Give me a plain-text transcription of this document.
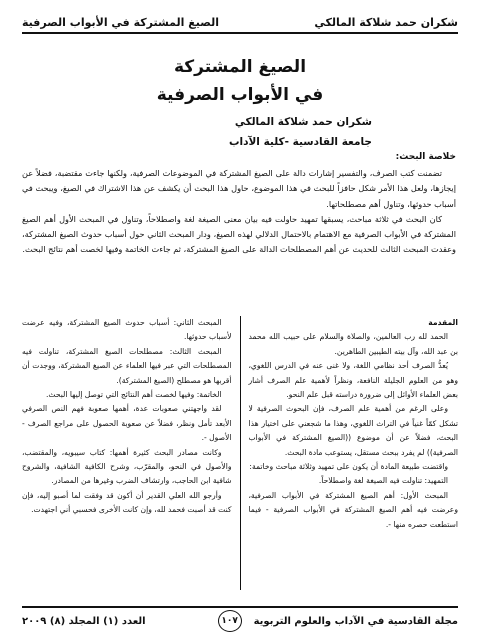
شكران حمد شلاكة المالكي
الصيغ المشتركة في الأبواب الصرفية
الصيغ المشتركة
في الأبواب الصرفية
شكران حمد شلاكة المالكي
جامعة القادسية -كلية الآداب
خلاصة البحث:

تضمنت كتب الصرف، والتفسير إشارات دالة على الصيغ المشتركة في الموضوعات الصرفية، ولكنها جاءت مقتضبة، فضلاً عن إيجازها، ولعل هذا الأمر شكل حافزاً للبحث في هذا الموضوع، حاول هذا البحث أن يكشف عن هذا الاشتراك في الصيغ، ويبحث في أسباب حدوثها، وتناول أهم مصطلحاتها.

كان البحث في ثلاثة مباحث، يسبقها تمهيد حاولت فيه بيان معنى الصيغة لغة واصطلاحاً، وتناول في المبحث الأول أهم الصيغ المشتركة في الأبواب الصرفية مع الاهتمام بالاحتمال الدلالي لهذه الصيغ، ودار المبحث الثاني حول أسباب حدوث الصيغ المشتركة، وعقدت المبحث الثالث للحديث عن أهم المصطلحات الدالة على الصيغ المشتركة، ثم جاءت الخاتمة وفيها لخصت أهم نتائج البحث.

المقدمة

الحمد لله رب العالمين، والصلاة والسلام على حبيب الله محمد بن عبد الله، وآل بيته الطيبين الطاهرين.

يُعدُّ الصرف أحد نظامي اللغة، ولا غنى عنه في الدرس اللغوي، وهو من العلوم الجليلة النافعة، ونظراً لأهمية علم الصرف أشار بعض العلماء الأوائل إلى ضرورة دراسته قبل علم النحو.

وعلى الرغم من أهمية علم الصرف، فإن البحوث الصرفية لا تشكل كمّاً غنياً في التراث اللغوي، وهذا ما شجعني على اختيار هذا البحث، فضلاً عن أن موضوع ((الصيغ المشتركة في الأبواب الصرفية)) لم يفرد ببحث مستقل، يستوعب مادة البحث.

واقتضت طبيعة المادة أن يكون على تمهيد وثلاثة مباحث وخاتمة:

التمهيد: تناولت فيه الصيغة لغة واصطلاحاً.

المبحث الأول: أهم الصيغ المشتركة في الأبواب الصرفية، وعرضت فيه أهم الصيغ المشتركة في الأبواب الصرفية - فيما استطعت حصره منها -.

المبحث الثاني: أسباب حدوث الصيغ المشتركة، وفيه عرضت لأسباب حدوثها.

المبحث الثالث: مصطلحات الصيغ المشتركة، تناولت فيه المصطلحات التي عبر فيها العلماء عن الصيغ المشتركة، ووجدت أن أقربها هو مصطلح (الصيغ المشتركة).

الخاتمة: وفيها لخصت أهم النتائج التي توصل إليها البحث.

لقد واجهتني صعوبات عدة، أهمها صعوبة فهم النص الصرفي الأبعد تأمل ونظر، فضلاً عن صعوبة الحصول على مراجع الصرف - الأصول -.

وكانت مصادر البحث كثيرة أهمها: كتاب سيبويه، والمقتضب، والأصول في النحو، والمقرّب، وشرح الكافية الشافية، والشروح شافية ابن الحاجب، وارتشاف الضرب وغيرها من المصادر.

وأرجو الله العلي القدير أن أكون قد وفقت لما أصبو إليه، فإن كنت قد أصبت فحمد لله، وإن كانت الأخرى فحسبي أني اجتهدت.

مجلة القادسية في الآداب والعلوم التربوية
١٠٧
العدد (١) المجلد (٨) ٢٠٠٩
